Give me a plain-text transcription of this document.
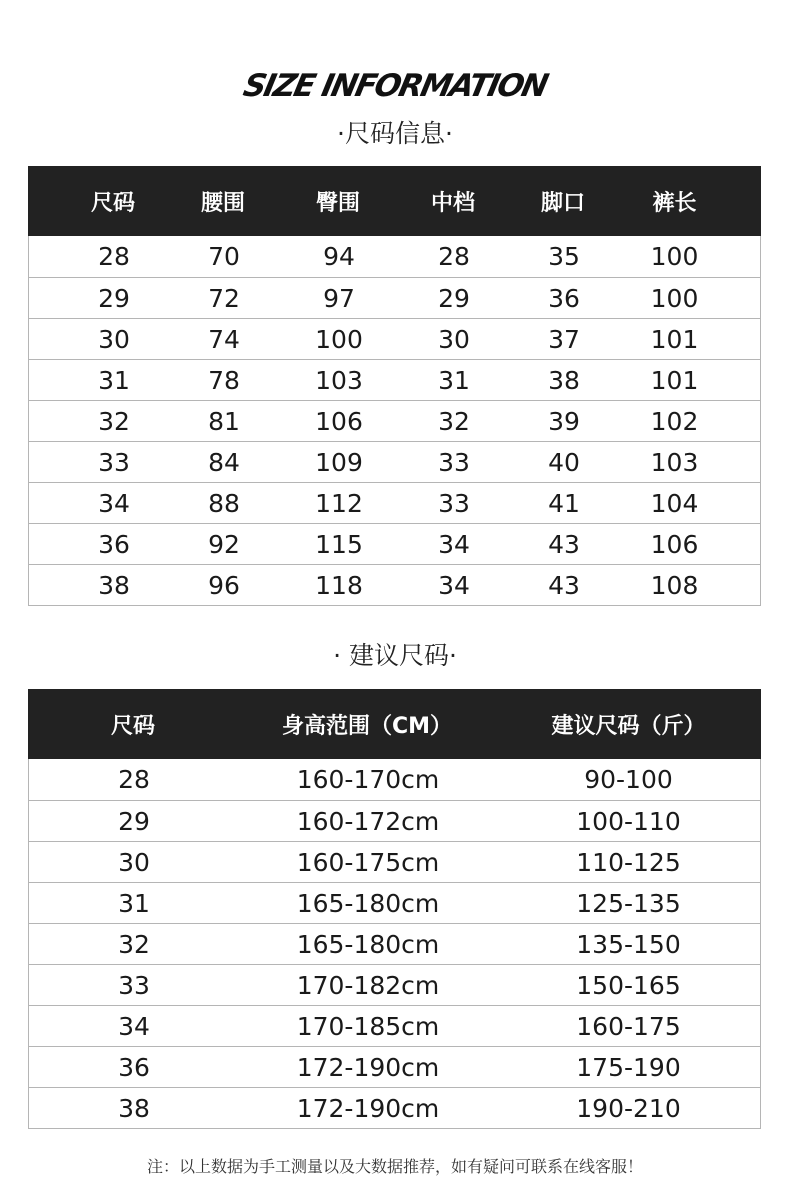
SIZE INFORMATION
·尺码信息·
尺码	腰围	臀围	中档	脚口	裤长
28	70	94	28	35	100
29	72	97	29	36	100
30	74	100	30	37	101
31	78	103	31	38	101
32	81	106	32	39	102
33	84	109	33	40	103
34	88	112	33	41	104
36	92	115	34	43	106
38	96	118	34	43	108
· 建议尺码·
尺码	身高范围（CM）	建议尺码（斤）
28	160-170cm	90-100
29	160-172cm	100-110
30	160-175cm	110-125
31	165-180cm	125-135
32	165-180cm	135-150
33	170-182cm	150-165
34	170-185cm	160-175
36	172-190cm	175-190
38	172-190cm	190-210
注：以上数据为手工测量以及大数据推荐，如有疑问可联系在线客服！
